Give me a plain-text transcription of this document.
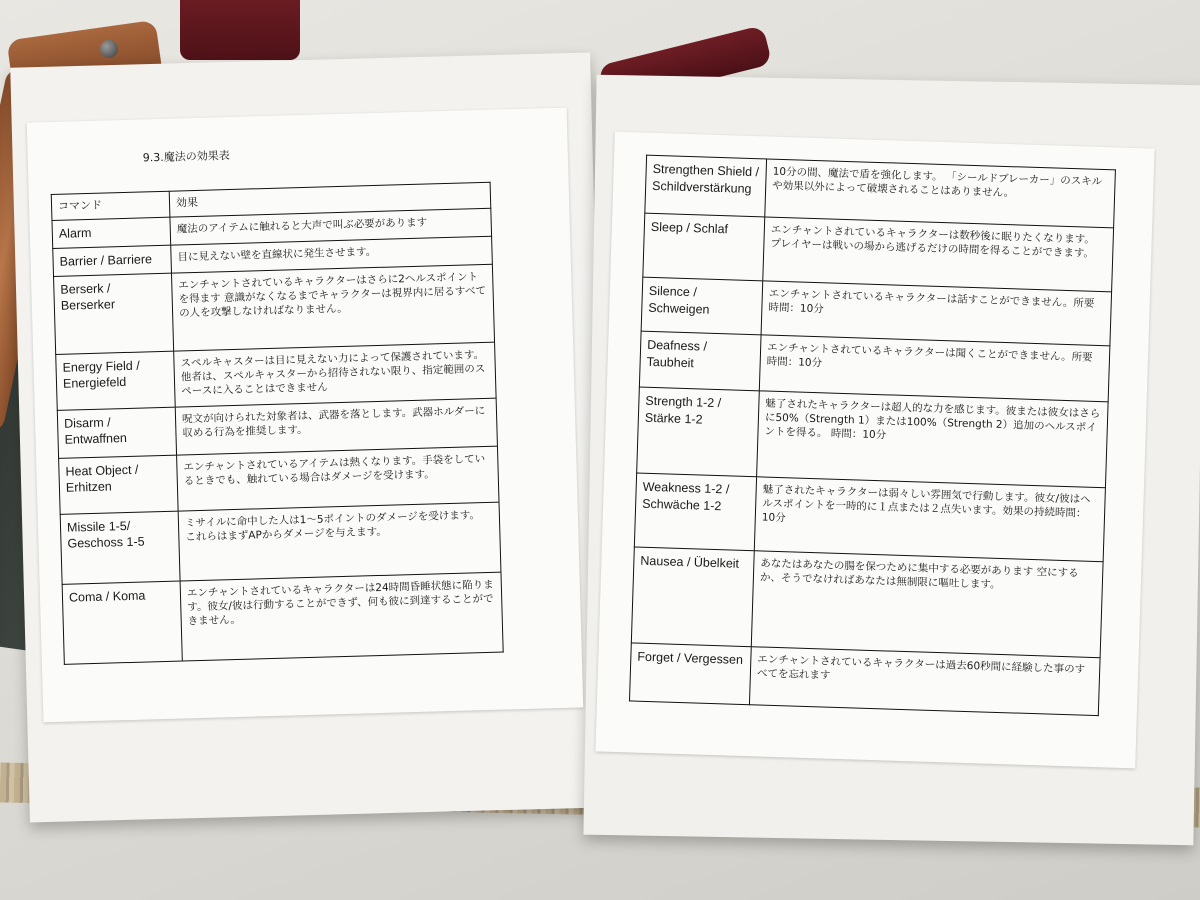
9.3.魔法の効果表
コマンド	効果
Alarm	魔法のアイテムに触れると大声で叫ぶ必要があります
Barrier / Barriere	目に見えない壁を直線状に発生させます。
Berserk / Berserker	エンチャントされているキャラクターはさらに2ヘルスポイントを得ます 意識がなくなるまでキャラクターは視界内に居るすべての人を攻撃しなければなりません。
Energy Field / Energiefeld	スペルキャスターは目に見えない力によって保護されています。他者は、スペルキャスターから招待されない限り、指定範囲のスペースに入ることはできません
Disarm / Entwaffnen	呪文が向けられた対象者は、武器を落とします。武器ホルダーに収める行為を推奨します。
Heat Object / Erhitzen	エンチャントされているアイテムは熱くなります。手袋をしているときでも、触れている場合はダメージを受けます。
Missile 1-5/ Geschoss 1-5	ミサイルに命中した人は1～5ポイントのダメージを受けます。 これらはまずAPからダメージを与えます。
Coma / Koma	エンチャントされているキャラクターは24時間昏睡状態に陥ります。彼女/彼は行動することができず、何も彼に到達することができません。
Strengthen Shield / Schildverstärkung	10分の間、魔法で盾を強化します。 「シールドブレーカー」のスキルや効果以外によって破壊されることはありません。
Sleep / Schlaf	エンチャントされているキャラクターは数秒後に眠りたくなります。 プレイヤーは戦いの場から逃げるだけの時間を得ることができます。
Silence / Schweigen	エンチャントされているキャラクターは話すことができません。所要時間：10分
Deafness / Taubheit	エンチャントされているキャラクターは聞くことができません。所要時間：10分
Strength 1-2 / Stärke 1-2	魅了されたキャラクターは超人的な力を感じます。彼または彼女はさらに50%（Strength 1）または100%（Strength 2）追加のヘルスポイントを得る。 時間：10分
Weakness 1-2 / Schwäche 1-2	魅了されたキャラクターは弱々しい雰囲気で行動します。彼女/彼はヘルスポイントを一時的に１点または２点失います。効果の持続時間：10分
Nausea / Übelkeit	あなたはあなたの腸を保つために集中する必要があります 空にするか、そうでなければあなたは無制限に嘔吐します。
Forget / Vergessen	エンチャントされているキャラクターは過去60秒間に経験した事のすべてを忘れます
